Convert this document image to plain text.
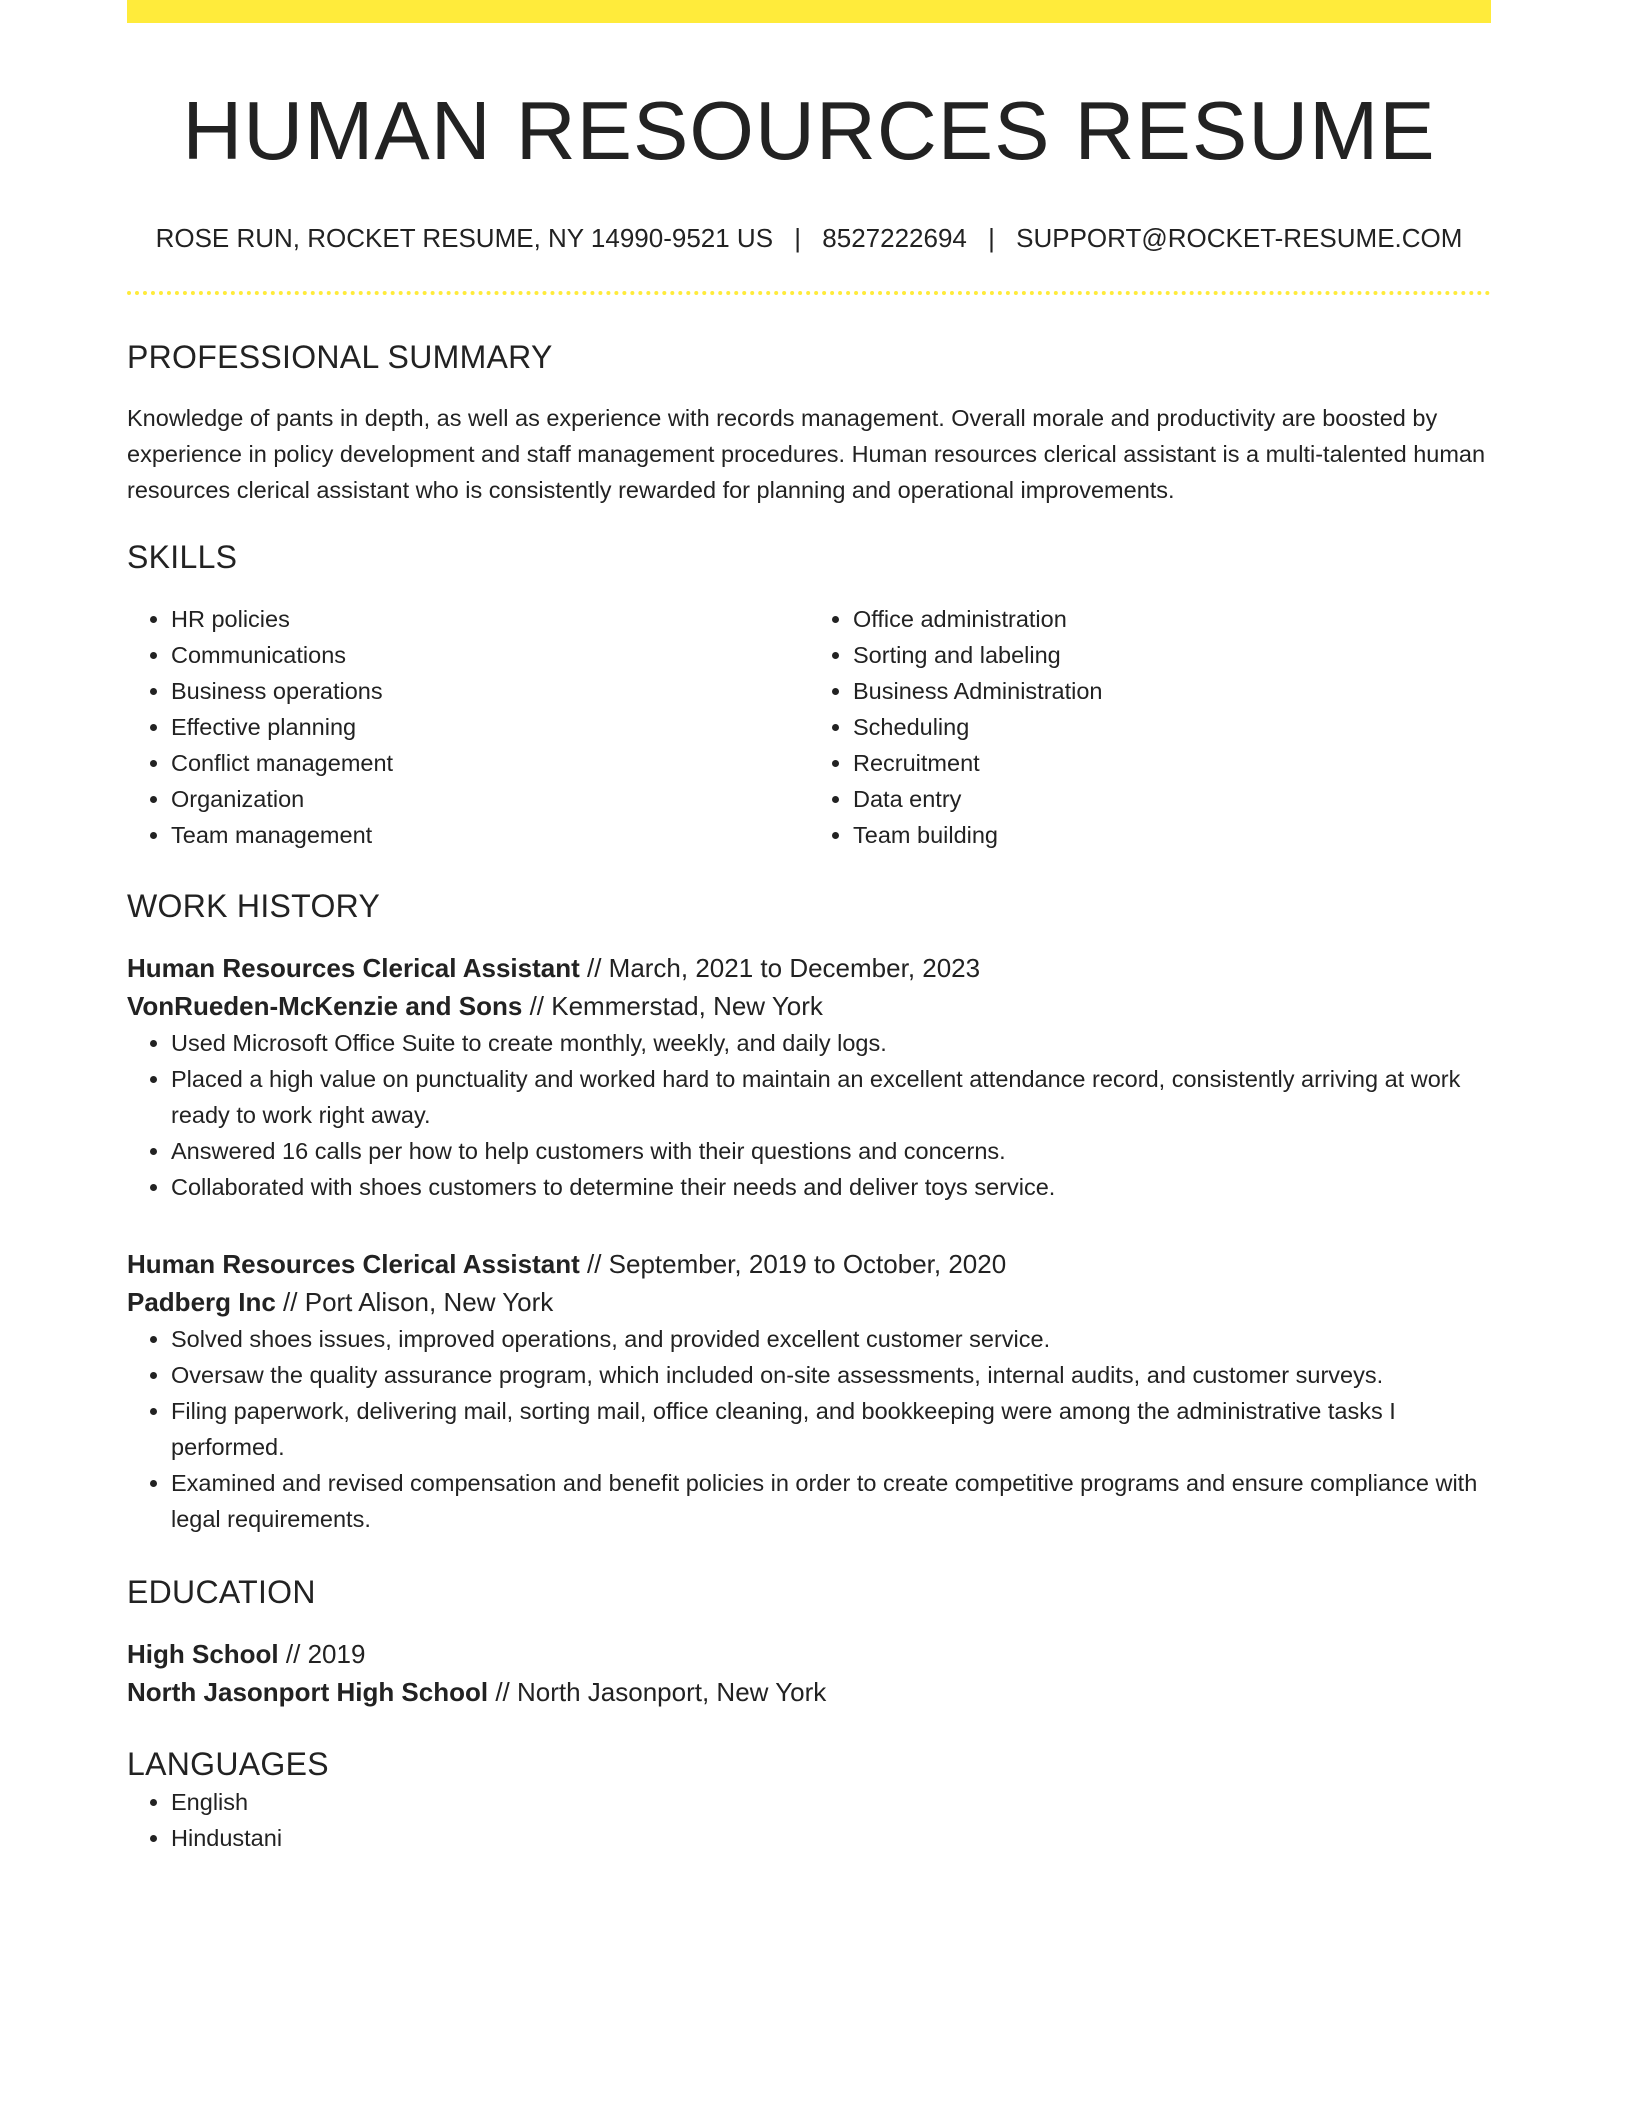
HUMAN RESOURCES RESUME
ROSE RUN, ROCKET RESUME, NY 14990-9521 US | 8527222694 | SUPPORT@ROCKET-RESUME.COM
PROFESSIONAL SUMMARY

Knowledge of pants in depth, as well as experience with records management. Overall morale and productivity are boosted by experience in policy development and staff management procedures. Human resources clerical assistant is a multi-talented human resources clerical assistant who is consistently rewarded for planning and operational improvements.

SKILLS
• HR policies
• Communications
• Business operations
• Effective planning
• Conflict management
• Organization
• Team management
• Office administration
• Sorting and labeling
• Business Administration
• Scheduling
• Recruitment
• Data entry
• Team building
WORK HISTORY
Human Resources Clerical Assistant // March, 2021 to December, 2023
VonRueden-McKenzie and Sons // Kemmerstad, New York
• Used Microsoft Office Suite to create monthly, weekly, and daily logs.
• Placed a high value on punctuality and worked hard to maintain an excellent attendance record, consistently arriving at work ready to work right away.
• Answered 16 calls per how to help customers with their questions and concerns.
• Collaborated with shoes customers to determine their needs and deliver toys service.
Human Resources Clerical Assistant // September, 2019 to October, 2020
Padberg Inc // Port Alison, New York
• Solved shoes issues, improved operations, and provided excellent customer service.
• Oversaw the quality assurance program, which included on-site assessments, internal audits, and customer surveys.
• Filing paperwork, delivering mail, sorting mail, office cleaning, and bookkeeping were among the administrative tasks I performed.
• Examined and revised compensation and benefit policies in order to create competitive programs and ensure compliance with legal requirements.
EDUCATION
High School // 2019
North Jasonport High School // North Jasonport, New York
LANGUAGES
• English
• Hindustani
